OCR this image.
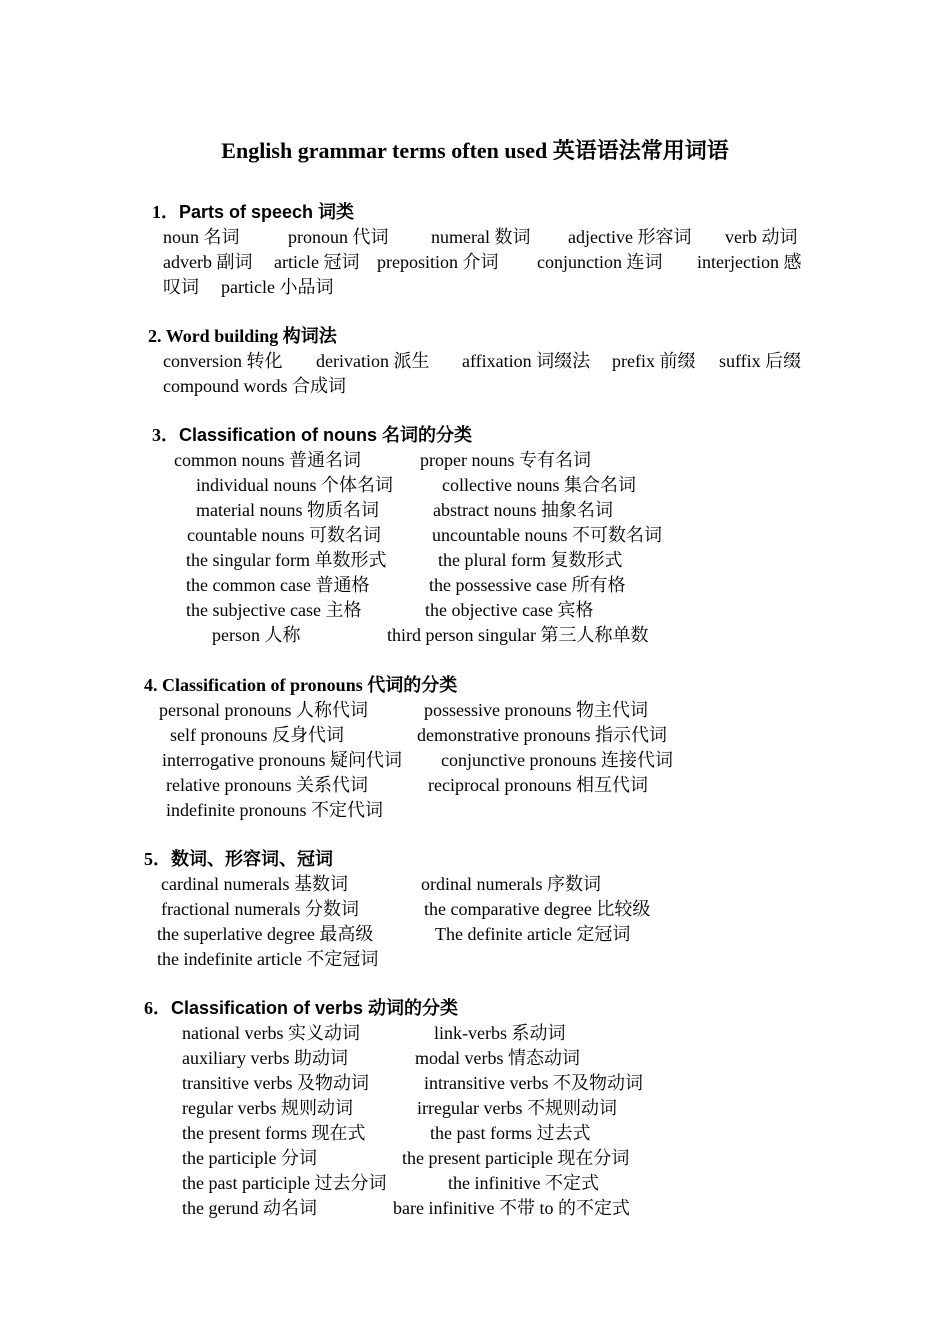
English grammar terms often used 英语语法常用词语
1．Parts of speech 词类
noun 名词	pronoun 代词 numeral 数词 adjective 形容词 verb 动词
adverb 副词 article 冠词 preposition 介词 conjunction 连词 interjection 感
叹词 particle 小品词
2. Word building 构词法
conversion 转化 derivation 派生 affixation 词缀法 prefix 前缀 suffix 后缀
compound words 合成词
3．Classification of nouns 名词的分类
common nouns 普通名词	proper nouns 专有名词
individual nouns 个体名词	collective nouns 集合名词
material nouns 物质名词	abstract nouns 抽象名词
countable nouns 可数名词	uncountable nouns 不可数名词
the singular form 单数形式	the plural form 复数形式
the common case 普通格	the possessive case 所有格
the subjective case 主格	the objective case 宾格
person 人称	third person singular 第三人称单数
4. Classification of pronouns 代词的分类
personal pronouns 人称代词	possessive pronouns 物主代词
self pronouns 反身代词	demonstrative pronouns 指示代词
interrogative pronouns 疑问代词 conjunctive pronouns 连接代词
relative pronouns 关系代词	reciprocal pronouns 相互代词
indefinite pronouns 不定代词
5．数词、形容词、冠词
cardinal numerals 基数词	ordinal numerals 序数词
fractional numerals 分数词	the comparative degree 比较级
the superlative degree 最高级	The definite article 定冠词
the indefinite article 不定冠词
6．Classification of verbs 动词的分类
national verbs 实义动词	link-verbs 系动词
auxiliary verbs 助动词	modal verbs 情态动词
transitive verbs 及物动词	intransitive verbs 不及物动词
regular verbs 规则动词	irregular verbs 不规则动词
the present forms 现在式	the past forms 过去式
the participle 分词	the present participle 现在分词
the past participle 过去分词	the infinitive 不定式
the gerund 动名词	bare infinitive 不带 to 的不定式
